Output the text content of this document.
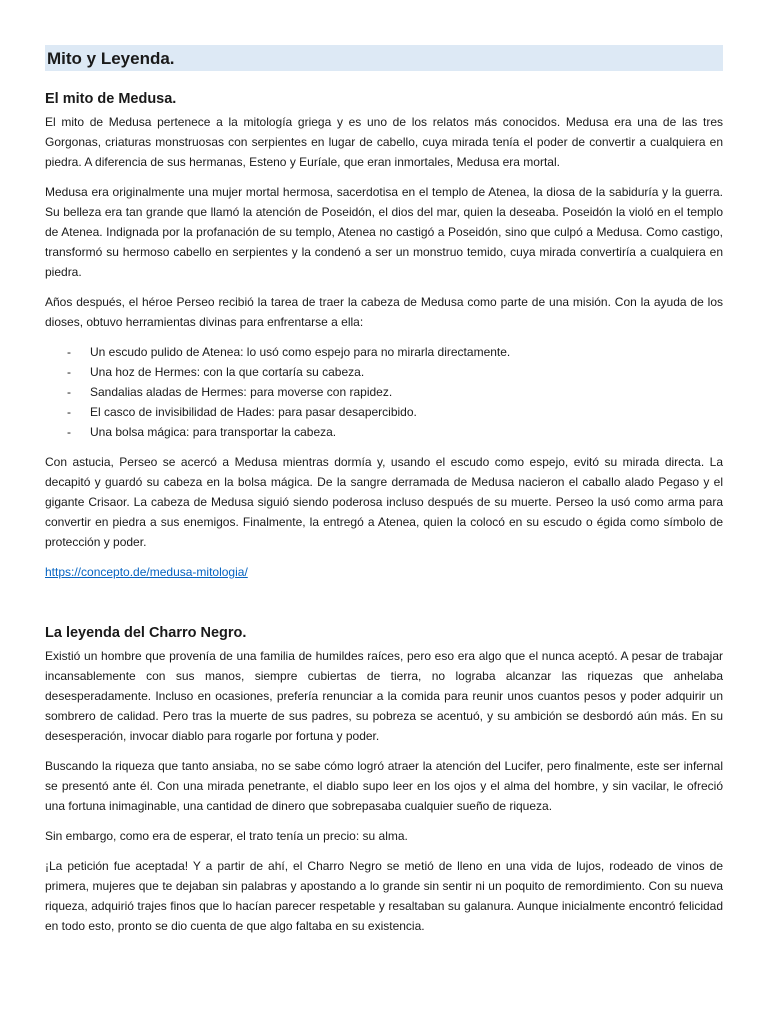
Mito y Leyenda.
El mito de Medusa.

El mito de Medusa pertenece a la mitología griega y es uno de los relatos más conocidos. Medusa era una de las tres Gorgonas, criaturas monstruosas con serpientes en lugar de cabello, cuya mirada tenía el poder de convertir a cualquiera en piedra. A diferencia de sus hermanas, Esteno y Euríale, que eran inmortales, Medusa era mortal.

Medusa era originalmente una mujer mortal hermosa, sacerdotisa en el templo de Atenea, la diosa de la sabiduría y la guerra. Su belleza era tan grande que llamó la atención de Poseidón, el dios del mar, quien la deseaba. Poseidón la violó en el templo de Atenea. Indignada por la profanación de su templo, Atenea no castigó a Poseidón, sino que culpó a Medusa. Como castigo, transformó su hermoso cabello en serpientes y la condenó a ser un monstruo temido, cuya mirada convertiría a cualquiera en piedra.

Años después, el héroe Perseo recibió la tarea de traer la cabeza de Medusa como parte de una misión. Con la ayuda de los dioses, obtuvo herramientas divinas para enfrentarse a ella:

- Un escudo pulido de Atenea: lo usó como espejo para no mirarla directamente.
- Una hoz de Hermes: con la que cortaría su cabeza.
- Sandalias aladas de Hermes: para moverse con rapidez.
- El casco de invisibilidad de Hades: para pasar desapercibido.
- Una bolsa mágica: para transportar la cabeza.

Con astucia, Perseo se acercó a Medusa mientras dormía y, usando el escudo como espejo, evitó su mirada directa. La decapitó y guardó su cabeza en la bolsa mágica. De la sangre derramada de Medusa nacieron el caballo alado Pegaso y el gigante Crisaor. La cabeza de Medusa siguió siendo poderosa incluso después de su muerte. Perseo la usó como arma para convertir en piedra a sus enemigos. Finalmente, la entregó a Atenea, quien la colocó en su escudo o égida como símbolo de protección y poder.

https://concepto.de/medusa-mitologia/

La leyenda del Charro Negro.

Existió un hombre que provenía de una familia de humildes raíces, pero eso era algo que el nunca aceptó. A pesar de trabajar incansablemente con sus manos, siempre cubiertas de tierra, no lograba alcanzar las riquezas que anhelaba desesperadamente. Incluso en ocasiones, prefería renunciar a la comida para reunir unos cuantos pesos y poder adquirir un sombrero de calidad. Pero tras la muerte de sus padres, su pobreza se acentuó, y su ambición se desbordó aún más. En su desesperación, invocar diablo para rogarle por fortuna y poder.

Buscando la riqueza que tanto ansiaba, no se sabe cómo logró atraer la atención del Lucifer, pero finalmente, este ser infernal se presentó ante él. Con una mirada penetrante, el diablo supo leer en los ojos y el alma del hombre, y sin vacilar, le ofreció una fortuna inimaginable, una cantidad de dinero que sobrepasaba cualquier sueño de riqueza.

Sin embargo, como era de esperar, el trato tenía un precio: su alma.

¡La petición fue aceptada! Y a partir de ahí, el Charro Negro se metió de lleno en una vida de lujos, rodeado de vinos de primera, mujeres que te dejaban sin palabras y apostando a lo grande sin sentir ni un poquito de remordimiento. Con su nueva riqueza, adquirió trajes finos que lo hacían parecer respetable y resaltaban su galanura. Aunque inicialmente encontró felicidad en todo esto, pronto se dio cuenta de que algo faltaba en su existencia.
